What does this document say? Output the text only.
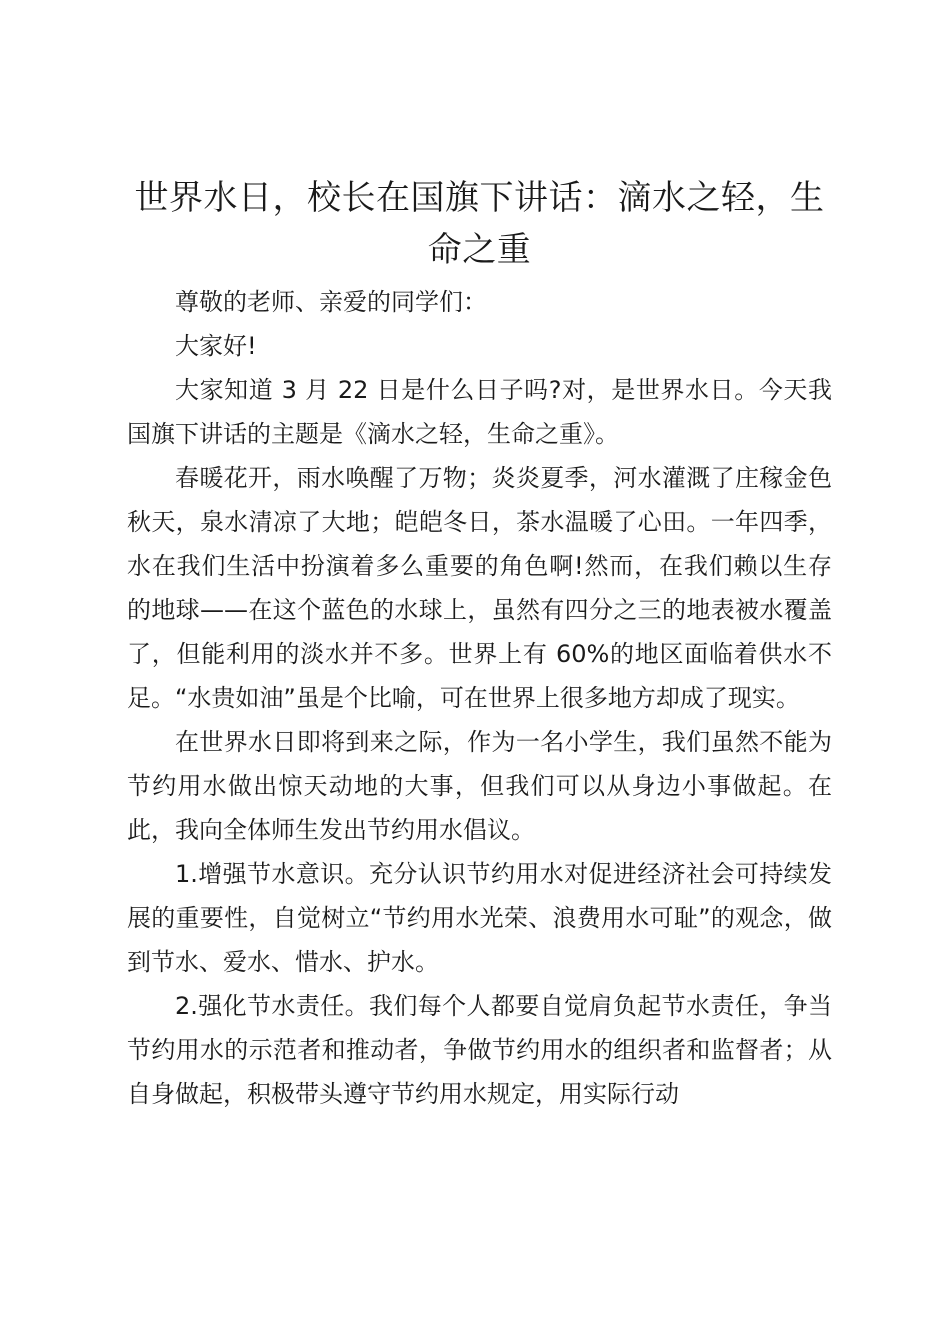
世界水日，校长在国旗下讲话：滴水之轻，生命之重

尊敬的老师、亲爱的同学们：

大家好!

大家知道 3 月 22 日是什么日子吗?对，是世界水日。今天我国旗下讲话的主题是《滴水之轻，生命之重》。

春暖花开，雨水唤醒了万物；炎炎夏季，河水灌溉了庄稼金色秋天，泉水清凉了大地；皑皑冬日，茶水温暖了心田。一年四季，水在我们生活中扮演着多么重要的角色啊!然而，在我们赖以生存的地球——在这个蓝色的水球上，虽然有四分之三的地表被水覆盖了，但能利用的淡水并不多。世界上有 60%的地区面临着供水不足。“水贵如油”虽是个比喻，可在世界上很多地方却成了现实。

在世界水日即将到来之际，作为一名小学生，我们虽然不能为节约用水做出惊天动地的大事，但我们可以从身边小事做起。在此，我向全体师生发出节约用水倡议。

1.增强节水意识。充分认识节约用水对促进经济社会可持续发展的重要性，自觉树立“节约用水光荣、浪费用水可耻”的观念，做到节水、爱水、惜水、护水。

2.强化节水责任。我们每个人都要自觉肩负起节水责任，争当节约用水的示范者和推动者，争做节约用水的组织者和监督者；从自身做起，积极带头遵守节约用水规定，用实际行动
